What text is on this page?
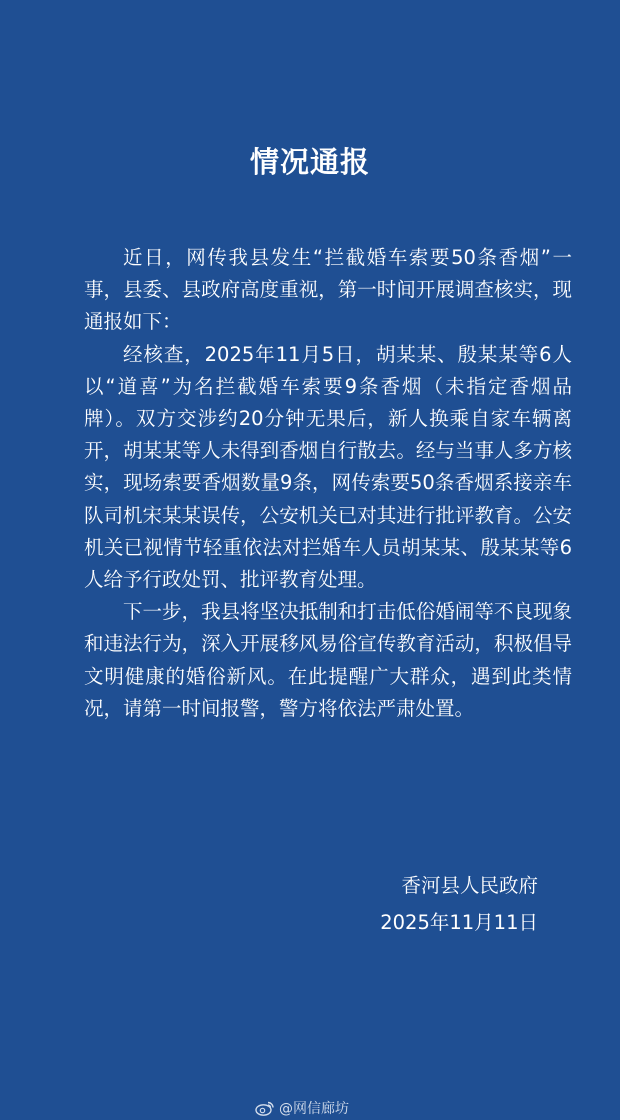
情况通报

近日，网传我县发生“拦截婚车索要50条香烟”一事，县委、县政府高度重视，第一时间开展调查核实，现通报如下：

经核查，2025年11月5日，胡某某、殷某某等6人以“道喜”为名拦截婚车索要9条香烟（未指定香烟品牌）。双方交涉约20分钟无果后，新人换乘自家车辆离开，胡某某等人未得到香烟自行散去。经与当事人多方核实，现场索要香烟数量9条，网传索要50条香烟系接亲车队司机宋某某误传，公安机关已对其进行批评教育。公安机关已视情节轻重依法对拦婚车人员胡某某、殷某某等6人给予行政处罚、批评教育处理。

下一步，我县将坚决抵制和打击低俗婚闹等不良现象和违法行为，深入开展移风易俗宣传教育活动，积极倡导文明健康的婚俗新风。在此提醒广大群众，遇到此类情况，请第一时间报警，警方将依法严肃处置。

香河县人民政府
2025年11月11日
@网信廊坊
